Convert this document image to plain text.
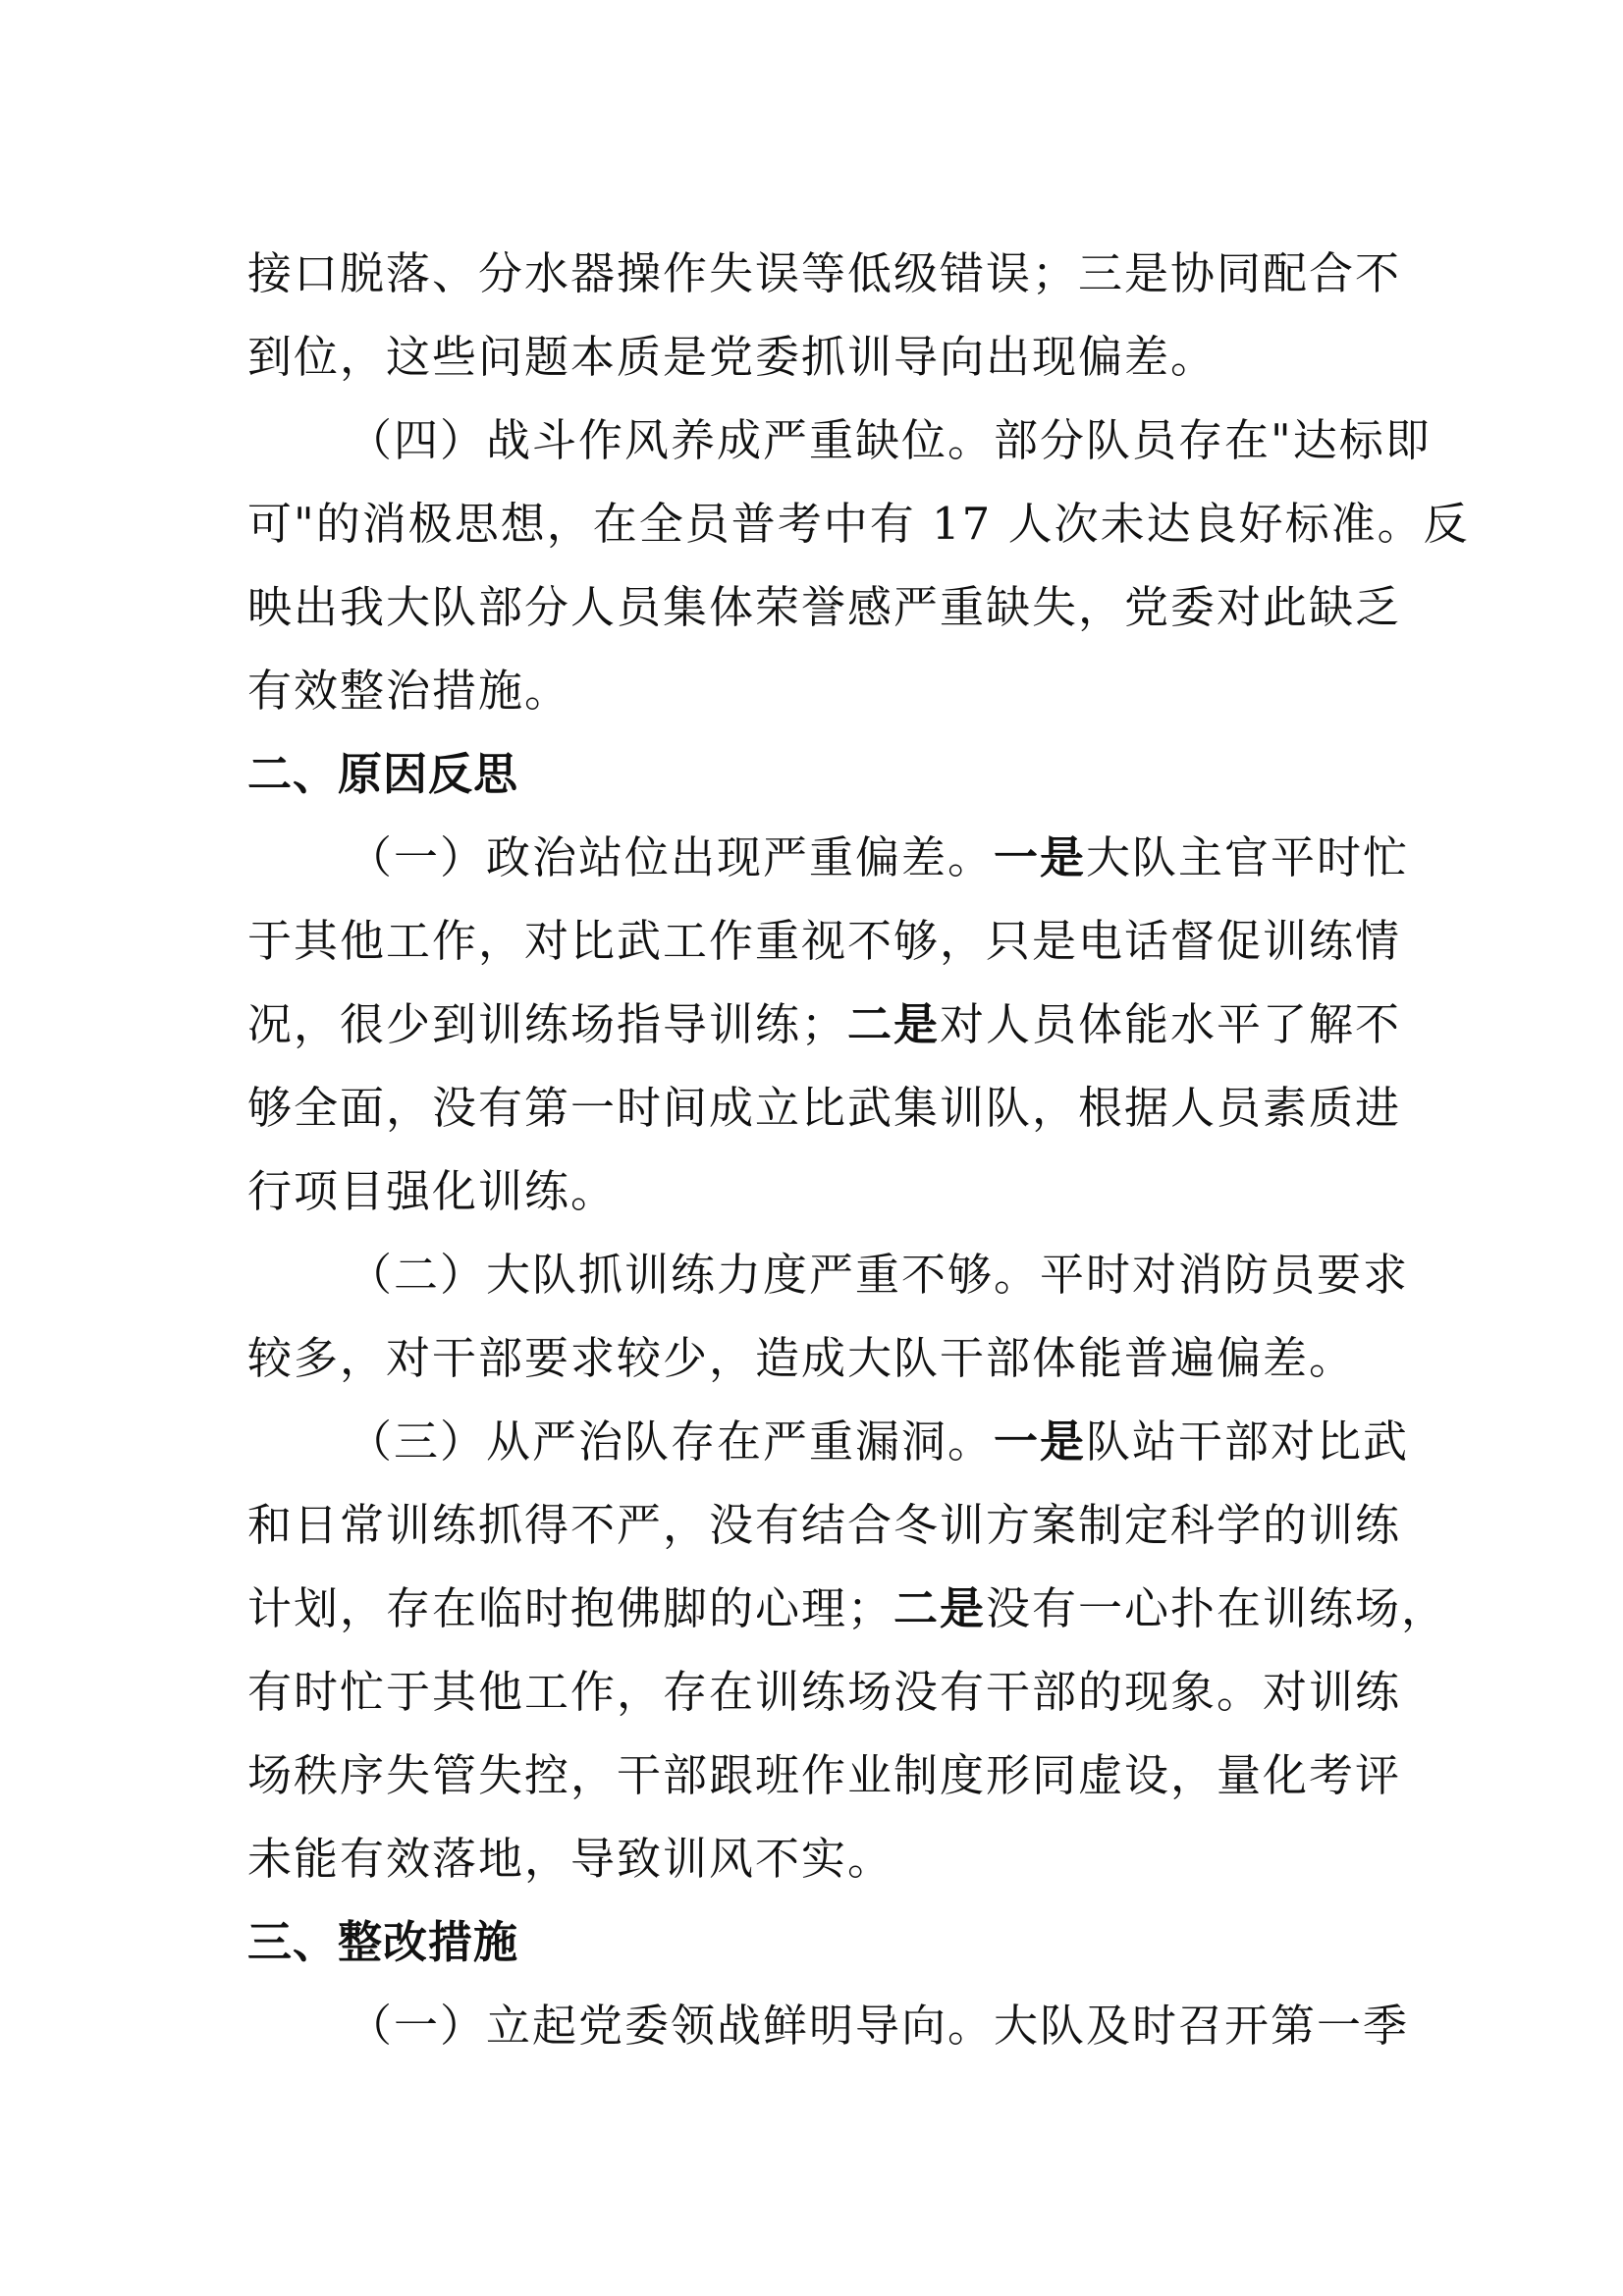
接口脱落、分水器操作失误等低级错误；三是协同配合不
到位，这些问题本质是党委抓训导向出现偏差。
（四）战斗作风养成严重缺位。部分队员存在"达标即
可"的消极思想，在全员普考中有 17 人次未达良好标准。反
映出我大队部分人员集体荣誉感严重缺失，党委对此缺乏
有效整治措施。
二、原因反思
（一）政治站位出现严重偏差。一是大队主官平时忙
于其他工作，对比武工作重视不够，只是电话督促训练情
况，很少到训练场指导训练；二是对人员体能水平了解不
够全面，没有第一时间成立比武集训队，根据人员素质进
行项目强化训练。
（二）大队抓训练力度严重不够。平时对消防员要求
较多，对干部要求较少，造成大队干部体能普遍偏差。
（三）从严治队存在严重漏洞。一是队站干部对比武
和日常训练抓得不严，没有结合冬训方案制定科学的训练
计划，存在临时抱佛脚的心理；二是没有一心扑在训练场，
有时忙于其他工作，存在训练场没有干部的现象。对训练
场秩序失管失控，干部跟班作业制度形同虚设，量化考评
未能有效落地，导致训风不实。
三、整改措施
（一）立起党委领战鲜明导向。大队及时召开第一季
